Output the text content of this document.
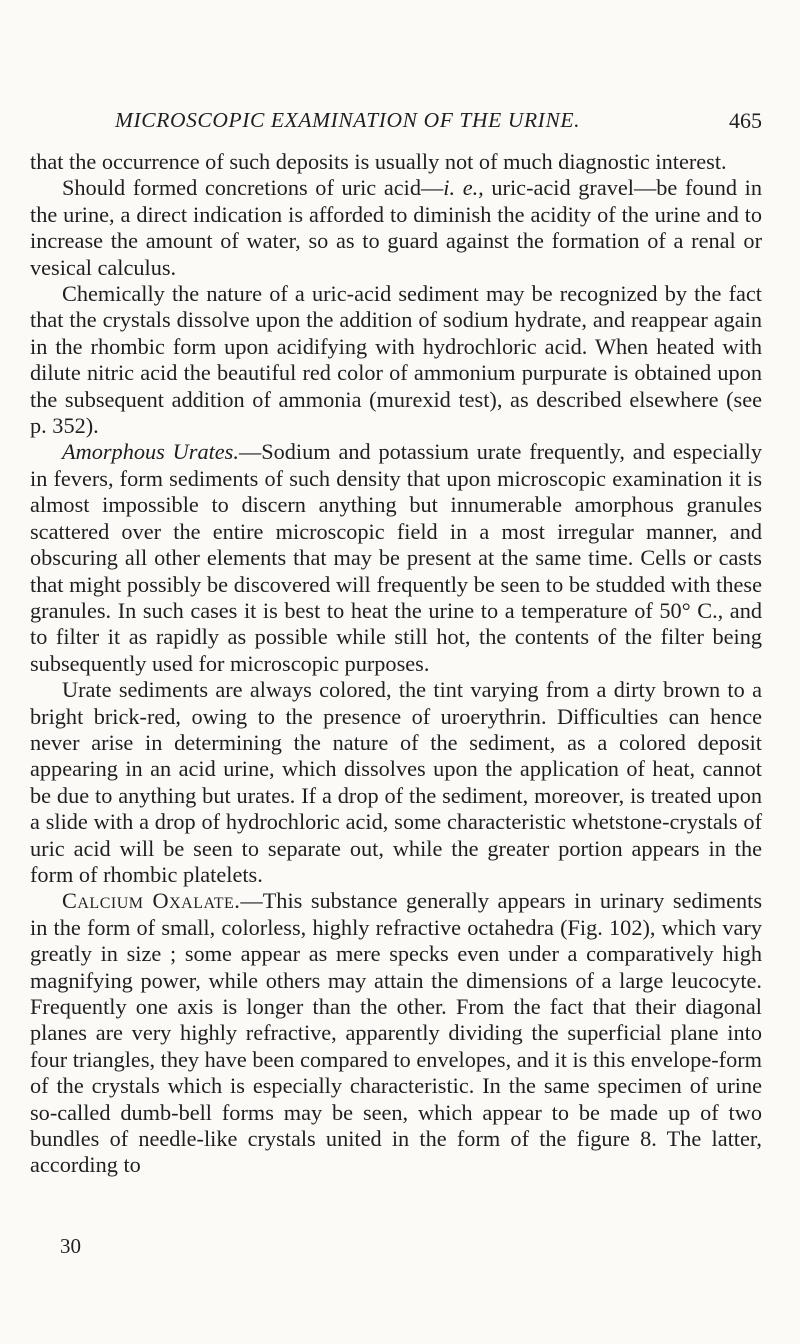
MICROSCOPIC EXAMINATION OF THE URINE.	465

that the occurrence of such deposits is usually not of much diagnostic interest.

Should formed concretions of uric acid—i. e., uric-acid gravel—be found in the urine, a direct indication is afforded to diminish the acidity of the urine and to increase the amount of water, so as to guard against the formation of a renal or vesical calculus.

Chemically the nature of a uric-acid sediment may be recognized by the fact that the crystals dissolve upon the addition of sodium hydrate, and reappear again in the rhombic form upon acidifying with hydrochloric acid. When heated with dilute nitric acid the beautiful red color of ammonium purpurate is obtained upon the subsequent addition of ammonia (murexid test), as described elsewhere (see p. 352).

Amorphous Urates.—Sodium and potassium urate frequently, and especially in fevers, form sediments of such density that upon microscopic examination it is almost impossible to discern anything but innumerable amorphous granules scattered over the entire microscopic field in a most irregular manner, and obscuring all other elements that may be present at the same time. Cells or casts that might possibly be discovered will frequently be seen to be studded with these granules. In such cases it is best to heat the urine to a temperature of 50° C., and to filter it as rapidly as possible while still hot, the contents of the filter being subsequently used for microscopic purposes.

Urate sediments are always colored, the tint varying from a dirty brown to a bright brick-red, owing to the presence of uroerythrin. Difficulties can hence never arise in determining the nature of the sediment, as a colored deposit appearing in an acid urine, which dissolves upon the application of heat, cannot be due to anything but urates. If a drop of the sediment, moreover, is treated upon a slide with a drop of hydrochloric acid, some characteristic whetstone-crystals of uric acid will be seen to separate out, while the greater portion appears in the form of rhombic platelets.

Calcium Oxalate.—This substance generally appears in urinary sediments in the form of small, colorless, highly refractive octahedra (Fig. 102), which vary greatly in size ; some appear as mere specks even under a comparatively high magnifying power, while others may attain the dimensions of a large leucocyte. Frequently one axis is longer than the other. From the fact that their diagonal planes are very highly refractive, apparently dividing the superficial plane into four triangles, they have been compared to envelopes, and it is this envelope-form of the crystals which is especially characteristic. In the same specimen of urine so-called dumb-bell forms may be seen, which appear to be made up of two bundles of needle-like crystals united in the form of the figure 8. The latter, according to

30
